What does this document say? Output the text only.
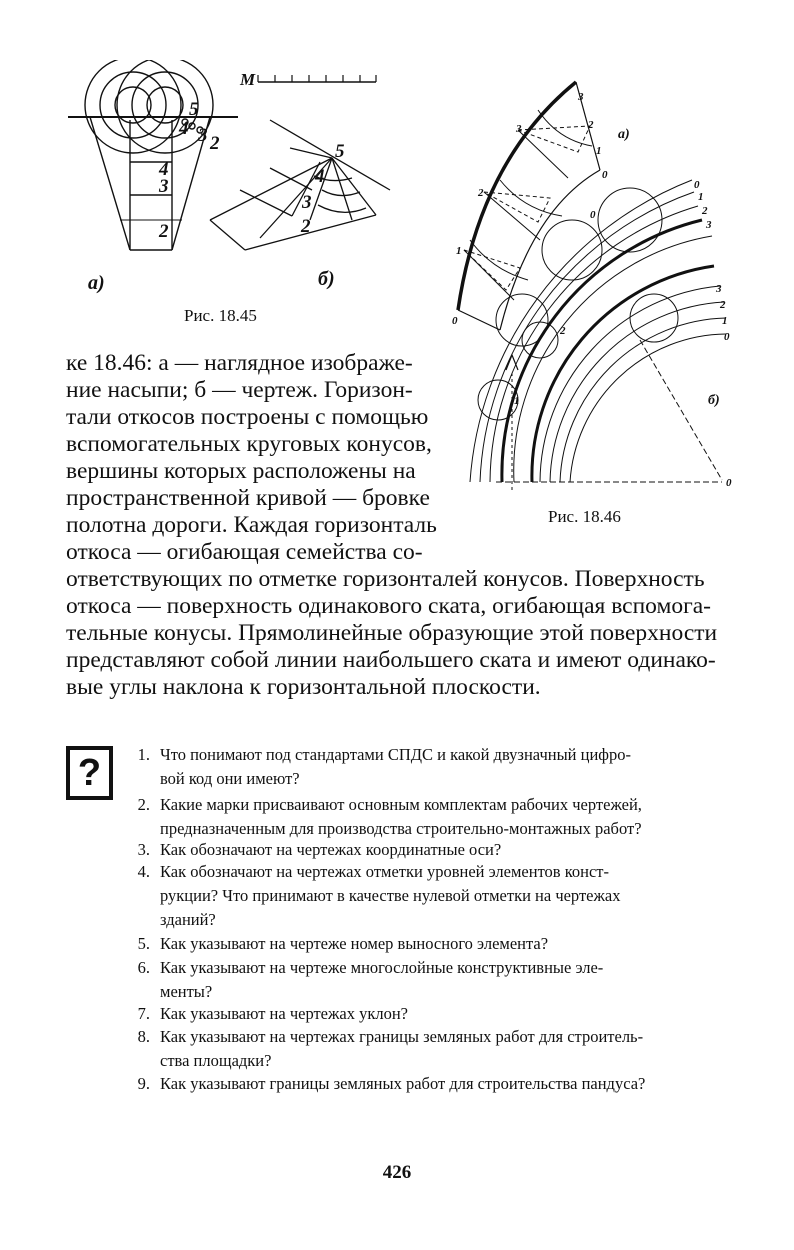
5
4 3 2
4
3
2
М
5
4
3
2
а)	б)
Рис. 18.45
3
2
1
0
3
2
1
0
а)
0
1
2
3
3
2
1
0
0
2
1
0
б)
Рис. 18.46
ке 18.46: а — наглядное изображе-
ние насыпи; б — чертеж. Горизон-
тали откосов построены с помощью
вспомогательных круговых конусов,
вершины которых расположены на
пространственной кривой — бровке
полотна дороги. Каждая горизонталь
откоса — огибающая семейства со-
ответствующих по отметке горизонталей конусов. Поверхность
откоса — поверхность одинакового ската, огибающая вспомога-
тельные конусы. Прямолинейные образующие этой поверхности
представляют собой линии наибольшего ската и имеют одинако-
вые углы наклона к горизонтальной плоскости.
?	1. Что понимают под стандартами СПДС и какой двузначный цифро-
вой код они имеют?
2. Какие марки присваивают основным комплектам рабочих чертежей,
предназначенным для производства строительно-монтажных работ?
3. Как обозначают на чертежах координатные оси?
4. Как обозначают на чертежах отметки уровней элементов конст-
рукции? Что принимают в качестве нулевой отметки на чертежах
зданий?
5. Как указывают на чертеже номер выносного элемента?
6. Как указывают на чертеже многослойные конструктивные эле-
менты?
7. Как указывают на чертежах уклон?
8. Как указывают на чертежах границы земляных работ для строитель-
ства площадки?
9. Как указывают границы земляных работ для строительства пандуса?
426
